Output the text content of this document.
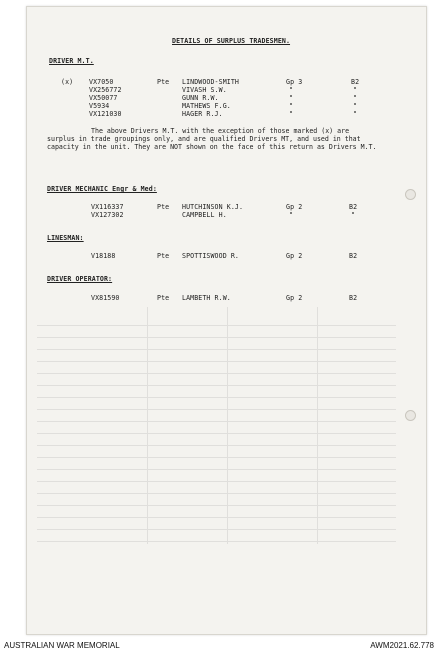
DETAILS OF SURPLUS TRADESMEN.
DRIVER M.T.
(x) VX7050	Pte LINDWOOD-SMITH	Gp 3	B2
VX256772	VIVASH S.W.	"	"
VX50077	GUNN R.W.	"	"
V5934	MATHEWS F.G.	"	"
VX121030	HAGER R.J.	"	"
The above Drivers M.T. with the exception of those marked (x) are surplus in trade groupings only, and are qualified Drivers MT, and used in that capacity in the unit. They are NOT shown on the face of this return as Drivers M.T.
DRIVER MECHANIC Engr & Med:
VX116337	Pte HUTCHINSON K.J.	Gp 2	B2
VX127302	CAMPBELL H.	"	"
LINESMAN:
V18188	Pte SPOTTISWOOD R.	Gp 2	B2
DRIVER OPERATOR:
VX81590	Pte LAMBETH R.W.	Gp 2	B2
AUSTRALIAN WAR MEMORIAL	AWM2021.62.778
